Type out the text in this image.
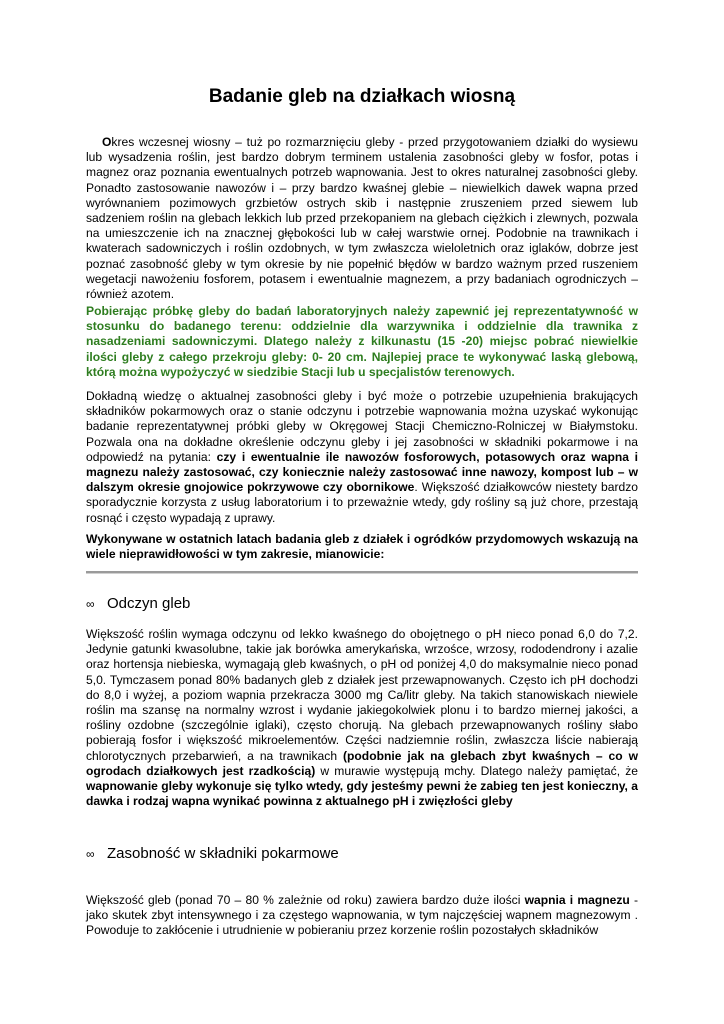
Badanie gleb na działkach wiosną

Okres wczesnej wiosny – tuż po rozmarznięciu gleby - przed przygotowaniem działki do wysiewu lub wysadzenia roślin, jest bardzo dobrym terminem ustalenia zasobności gleby w fosfor, potas i magnez oraz poznania ewentualnych potrzeb wapnowania. Jest to okres naturalnej zasobności gleby. Ponadto zastosowanie nawozów i – przy bardzo kwaśnej glebie – niewielkich dawek wapna przed wyrównaniem pozimowych grzbietów ostrych skib i następnie zruszeniem przed siewem lub sadzeniem roślin na glebach lekkich lub przed przekopaniem na glebach ciężkich i zlewnych, pozwala na umieszczenie ich na znacznej głębokości lub w całej warstwie ornej. Podobnie na trawnikach i kwaterach sadowniczych i roślin ozdobnych, w tym zwłaszcza wieloletnich oraz iglaków, dobrze jest poznać zasobność gleby w tym okresie by nie popełnić błędów w bardzo ważnym przed ruszeniem wegetacji nawożeniu fosforem, potasem i ewentualnie magnezem, a przy badaniach ogrodniczych – również azotem.

Pobierając próbkę gleby do badań laboratoryjnych należy zapewnić jej reprezentatywność w stosunku do badanego terenu: oddzielnie dla warzywnika i oddzielnie dla trawnika z nasadzeniami sadowniczymi. Dlatego należy z kilkunastu (15 -20) miejsc pobrać niewielkie ilości gleby z całego przekroju gleby: 0- 20 cm. Najlepiej prace te wykonywać laską glebową, którą można wypożyczyć w siedzibie Stacji lub u specjalistów terenowych.

Dokładną wiedzę o aktualnej zasobności gleby i być może o potrzebie uzupełnienia brakujących składników pokarmowych oraz o stanie odczynu i potrzebie wapnowania można uzyskać wykonując badanie reprezentatywnej próbki gleby w Okręgowej Stacji Chemiczno-Rolniczej w Białymstoku. Pozwala ona na dokładne określenie odczynu gleby i jej zasobności w składniki pokarmowe i na odpowiedź na pytania: czy i ewentualnie ile nawozów fosforowych, potasowych oraz wapna i magnezu należy zastosować, czy koniecznie należy zastosować inne nawozy, kompost lub – w dalszym okresie gnojowice pokrzywowe czy obornikowe. Większość działkowców niestety bardzo sporadycznie korzysta z usług laboratorium i to przeważnie wtedy, gdy rośliny są już chore, przestają rosnąć i często wypadają z uprawy.

Wykonywane w ostatnich latach badania gleb z działek i ogródków przydomowych wskazują na wiele nieprawidłowości w tym zakresie, mianowicie:

∞ Odczyn gleb

Większość roślin wymaga odczynu od lekko kwaśnego do obojętnego o pH nieco ponad 6,0 do 7,2. Jedynie gatunki kwasolubne, takie jak borówka amerykańska, wrzośce, wrzosy, rododendrony i azalie oraz hortensja niebieska, wymagają gleb kwaśnych, o pH od poniżej 4,0 do maksymalnie nieco ponad 5,0. Tymczasem ponad 80% badanych gleb z działek jest przewapnowanych. Często ich pH dochodzi do 8,0 i wyżej, a poziom wapnia przekracza 3000 mg Ca/litr gleby. Na takich stanowiskach niewiele roślin ma szansę na normalny wzrost i wydanie jakiegokolwiek plonu i to bardzo miernej jakości, a rośliny ozdobne (szczególnie iglaki), często chorują. Na glebach przewapnowanych rośliny słabo pobierają fosfor i większość mikroelementów. Części nadziemnie roślin, zwłaszcza liście nabierają chlorotycznych przebarwień, a na trawnikach (podobnie jak na glebach zbyt kwaśnych – co w ogrodach działkowych jest rzadkością) w murawie występują mchy. Dlatego należy pamiętać, że wapnowanie gleby wykonuje się tylko wtedy, gdy jesteśmy pewni że zabieg ten jest konieczny, a dawka i rodzaj wapna wynikać powinna z aktualnego pH i zwięzłości gleby

∞ Zasobność w składniki pokarmowe

Większość gleb (ponad 70 – 80 % zależnie od roku) zawiera bardzo duże ilości wapnia i magnezu - jako skutek zbyt intensywnego i za częstego wapnowania, w tym najczęściej wapnem magnezowym . Powoduje to zakłócenie i utrudnienie w pobieraniu przez korzenie roślin pozostałych składników
